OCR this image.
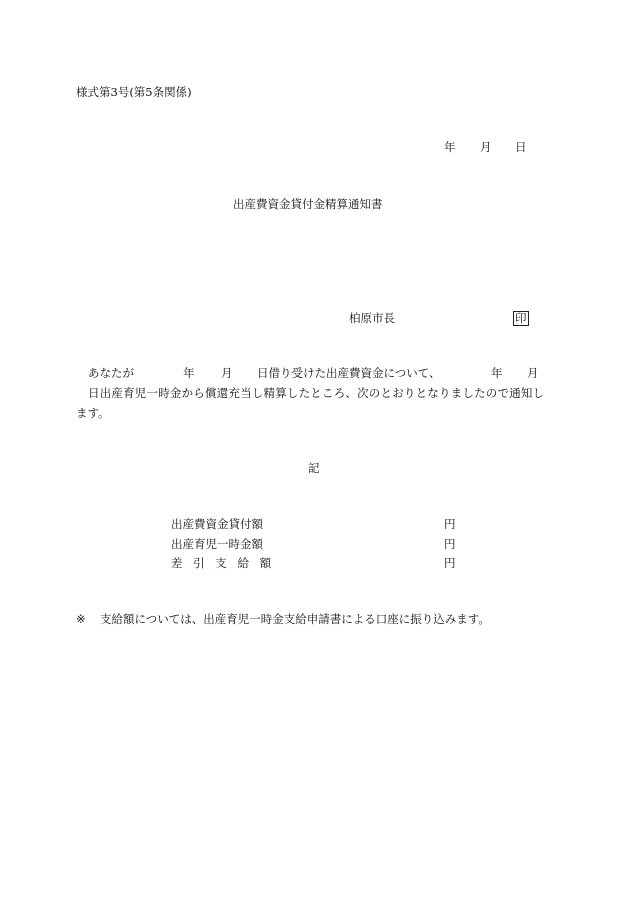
様式第3号(第5条関係)
年 月 日
出産費資金貸付金精算通知書
柏原市長	印
あなたが	年 月 日借り受けた出産費資金について、	年 月
日出産育児一時金から償還充当し精算したところ、次のとおりとなりましたので通知し
ます。
記
出産費資金貸付額	円
出産育児一時金額	円
差 引 支 給 額	円
※ 支給額については、出産育児一時金支給申請書による口座に振り込みます。
